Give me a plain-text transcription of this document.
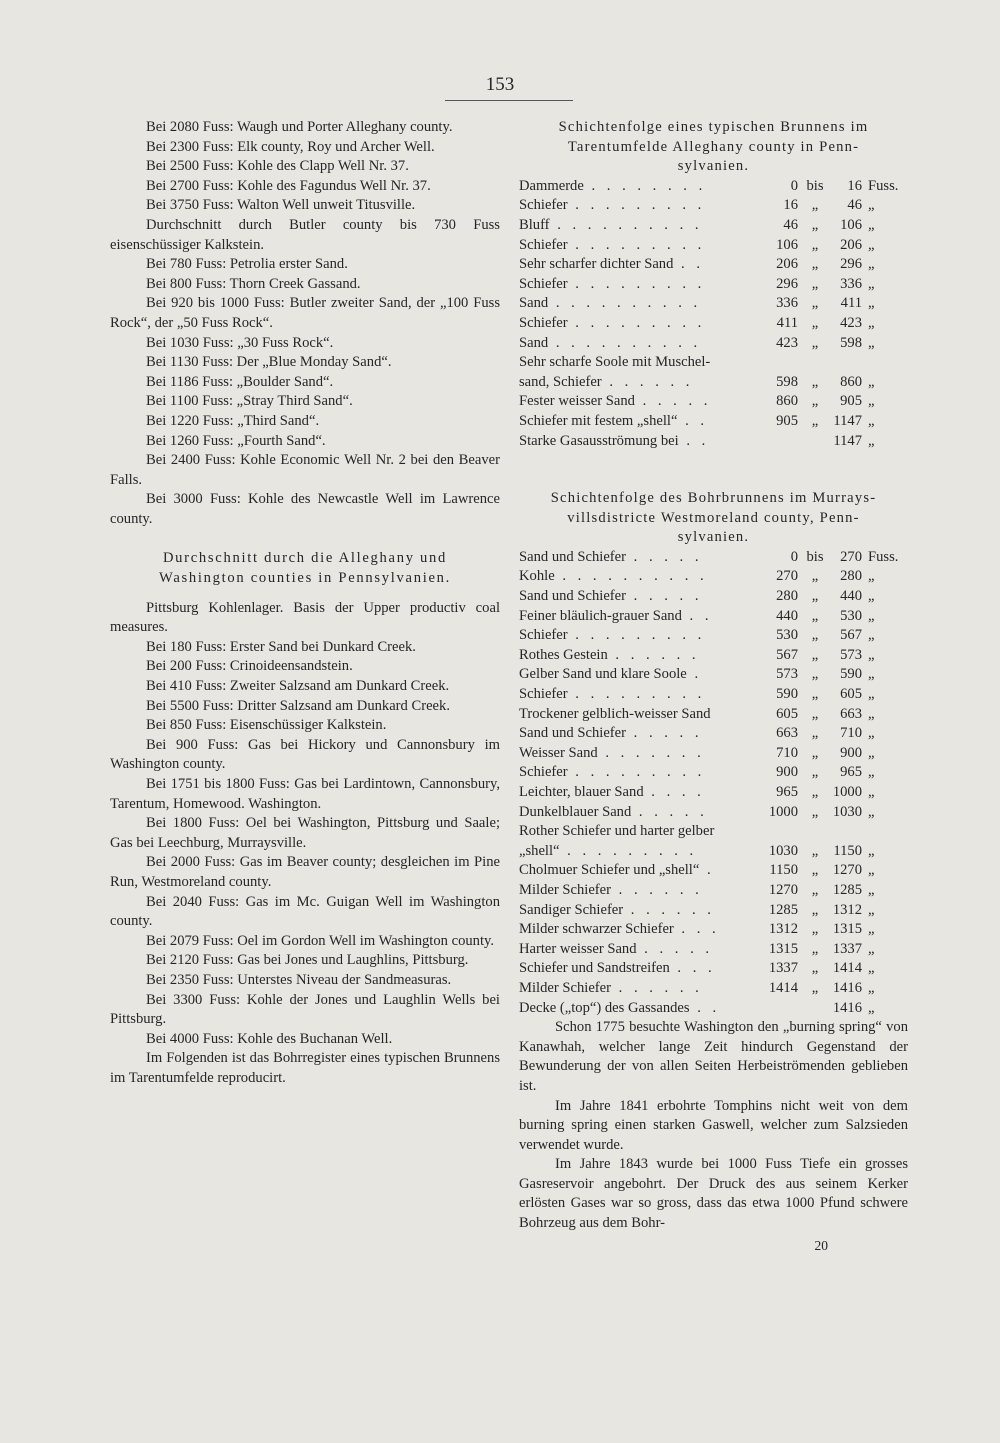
153
Bei 2080 Fuss: Waugh und Porter Alleghany county.
Bei 2300 Fuss: Elk county, Roy und Archer Well.
Bei 2500 Fuss: Kohle des Clapp Well Nr. 37.
Bei 2700 Fuss: Kohle des Fagundus Well Nr. 37.
Bei 3750 Fuss: Walton Well unweit Titusville.
Durchschnitt durch Butler county bis 730 Fuss eisenschüssiger Kalkstein.
Bei 780 Fuss: Petrolia erster Sand.
Bei 800 Fuss: Thorn Creek Gassand.
Bei 920 bis 1000 Fuss: Butler zweiter Sand, der „100 Fuss Rock“, der „50 Fuss Rock“.
Bei 1030 Fuss: „30 Fuss Rock“.
Bei 1130 Fuss: Der „Blue Monday Sand“.
Bei 1186 Fuss: „Boulder Sand“.
Bei 1100 Fuss: „Stray Third Sand“.
Bei 1220 Fuss: „Third Sand“.
Bei 1260 Fuss: „Fourth Sand“.
Bei 2400 Fuss: Kohle Economic Well Nr. 2 bei den Beaver Falls.
Bei 3000 Fuss: Kohle des Newcastle Well im Lawrence county.
Durchschnitt durch die Alleghany und
Washington counties in Pennsylvanien.
Pittsburg Kohlenlager. Basis der Upper productiv coal measures.
Bei 180 Fuss: Erster Sand bei Dunkard Creek.
Bei 200 Fuss: Crinoideensandstein.
Bei 410 Fuss: Zweiter Salzsand am Dunkard Creek.
Bei 5500 Fuss: Dritter Salzsand am Dunkard Creek.
Bei 850 Fuss: Eisenschüssiger Kalkstein.
Bei 900 Fuss: Gas bei Hickory und Cannonsbury im Washington county.
Bei 1751 bis 1800 Fuss: Gas bei Lardintown, Cannonsbury, Tarentum, Homewood. Washington.
Bei 1800 Fuss: Oel bei Washington, Pittsburg und Saale; Gas bei Leechburg, Murraysville.
Bei 2000 Fuss: Gas im Beaver county; desgleichen im Pine Run, Westmoreland county.
Bei 2040 Fuss: Gas im Mc. Guigan Well im Washington county.
Bei 2079 Fuss: Oel im Gordon Well im Washington county.
Bei 2120 Fuss: Gas bei Jones und Laughlins, Pittsburg.
Bei 2350 Fuss: Unterstes Niveau der Sandmeasuras.
Bei 3300 Fuss: Kohle der Jones und Laughlin Wells bei Pittsburg.
Bei 4000 Fuss: Kohle des Buchanan Well.
Im Folgenden ist das Bohrregister eines typischen Brunnens im Tarentumfelde reproducirt.
Schichtenfolge eines typischen Brunnens im
Tarentumfelde Alleghany county in Penn-
sylvanien.
Dammerde . . . . . . . .	0 bis	16 Fuss.
Schiefer . . . . . . . . .	16 „	46 „
Bluff . . . . . . . . . .	46 „	106 „
Schiefer . . . . . . . . .	106 „	206 „
Sehr scharfer dichter Sand . .	206 „	296 „
Schiefer . . . . . . . . .	296 „	336 „
Sand . . . . . . . . . .	336 „	411 „
Schiefer . . . . . . . . .	411 „	423 „
Sand . . . . . . . . . .	423 „	598 „
Sehr scharfe Soole mit Muschel-
sand, Schiefer . . . . . .	598 „	860 „
Fester weisser Sand . . . . .	860 „	905 „
Schiefer mit festem „shell“ . .	905 „	1147 „
Starke Gasausströmung bei . .	1147 „
Schichtenfolge des Bohrbrunnens im Murrays-
villsdistricte Westmoreland county, Penn-
sylvanien.
Sand und Schiefer . . . . .	0 bis	270 Fuss.
Kohle . . . . . . . . . .	270 „	280 „
Sand und Schiefer . . . . .	280 „	440 „
Feiner bläulich-grauer Sand . .	440 „	530 „
Schiefer . . . . . . . . .	530 „	567 „
Rothes Gestein . . . . . .	567 „	573 „
Gelber Sand und klare Soole .	573 „	590 „
Schiefer . . . . . . . . .	590 „	605 „
Trockener gelblich-weisser Sand	605 „	663 „
Sand und Schiefer . . . . .	663 „	710 „
Weisser Sand . . . . . . .	710 „	900 „
Schiefer . . . . . . . . .	900 „	965 „
Leichter, blauer Sand . . . .	965 „ 1000 „
Dunkelblauer Sand . . . . .	1000 „ 1030 „
Rother Schiefer und harter gelber
„shell“ . . . . . . . . .	1030 „	1150 „
Cholmuer Schiefer und „shell“ .	1150 „ 1270 „
Milder Schiefer . . . . . .	1270 „ 1285 „
Sandiger Schiefer . . . . . .	1285 „ 1312 „
Milder schwarzer Schiefer . . .	1312 „ 1315 „
Harter weisser Sand . . . . .	1315 „ 1337 „
Schiefer und Sandstreifen . . .	1337 „ 1414 „
Milder Schiefer . . . . . .	1414 „ 1416 „
Decke („top“) des Gassandes . .	1416 „
Schon 1775 besuchte Washington den „burning spring“ von Kanawhah, welcher lange Zeit hindurch Gegenstand der Bewunderung der von allen Seiten Herbeiströmenden geblieben ist.
Im Jahre 1841 erbohrte Tomphins nicht weit von dem burning spring einen starken Gaswell, welcher zum Salzsieden verwendet wurde.
Im Jahre 1843 wurde bei 1000 Fuss Tiefe ein grosses Gasreservoir angebohrt. Der Druck des aus seinem Kerker erlösten Gases war so gross, dass das etwa 1000 Pfund schwere Bohrzeug aus dem Bohr-
20
